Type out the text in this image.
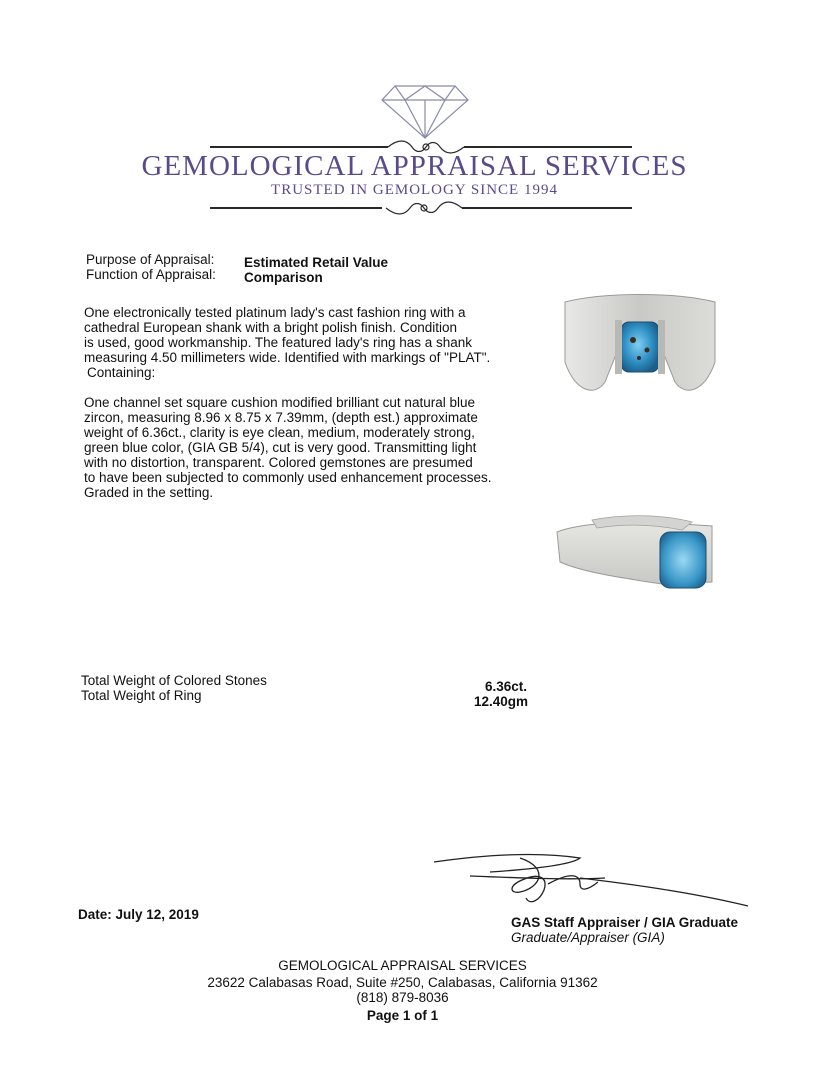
GEMOLOGICAL APPRAISAL SERVICES
TRUSTED IN GEMOLOGY SINCE 1994
Purpose of Appraisal: Estimated Retail Value
Function of Appraisal: Comparison
One electronically tested platinum lady's cast fashion ring with a
cathedral European shank with a bright polish finish. Condition
is used, good workmanship. The featured lady's ring has a shank
measuring 4.50 millimeters wide. Identified with markings of "PLAT".
Containing:
One channel set square cushion modified brilliant cut natural blue
zircon, measuring 8.96 x 8.75 x 7.39mm, (depth est.) approximate
weight of 6.36ct., clarity is eye clean, medium, moderately strong,
green blue color, (GIA GB 5/4), cut is very good. Transmitting light
with no distortion, transparent. Colored gemstones are presumed
to have been subjected to commonly used enhancement processes.
Graded in the setting.
Total Weight of Colored Stones	6.36ct.
Total Weight of Ring	12.40gm
Date: July 12, 2019
GAS Staff Appraiser / GIA Graduate
Graduate/Appraiser (GIA)
GEMOLOGICAL APPRAISAL SERVICES
23622 Calabasas Road, Suite #250, Calabasas, California 91362
(818) 879-8036
Page 1 of 1
